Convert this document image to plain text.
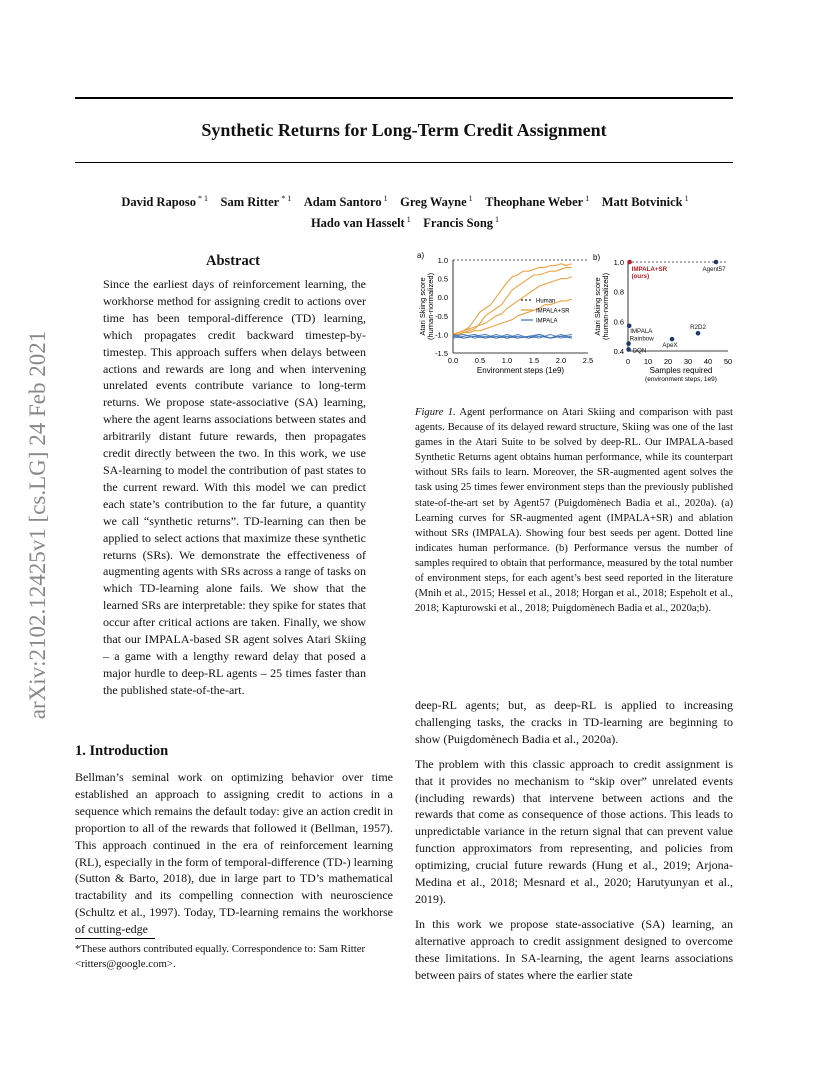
arXiv:2102.12425v1 [cs.LG] 24 Feb 2021
Synthetic Returns for Long-Term Credit Assignment
David Raposo $^{* 1}$  Sam Ritter $^{* 1}$  Adam Santoro $^1$  Greg Wayne $^1$  Theophane Weber $^1$  Matt Botvinick $^1$
Hado van Hasselt $^1$  Francis Song $^1$
Abstract

Since the earliest days of reinforcement learning, the workhorse method for assigning credit to actions over time has been temporal-difference (TD) learning, which propagates credit backward timestep-by-timestep. This approach suffers when delays between actions and rewards are long and when intervening unrelated events contribute variance to long-term returns. We propose state-associative (SA) learning, where the agent learns associations between states and arbitrarily distant future rewards, then propagates credit directly between the two. In this work, we use SA-learning to model the contribution of past states to the current reward. With this model we can predict each state’s contribution to the far future, a quantity we call “synthetic returns”. TD-learning can then be applied to select actions that maximize these synthetic returns (SRs). We demonstrate the effectiveness of augmenting agents with SRs across a range of tasks on which TD-learning alone fails. We show that the learned SRs are interpretable: they spike for states that occur after critical actions are taken. Finally, we show that our IMPALA-based SR agent solves Atari Skiing – a game with a lengthy reward delay that posed a major hurdle to deep-RL agents – 25 times faster than the published state-of-the-art.

1. Introduction

Bellman’s seminal work on optimizing behavior over time established an approach to assigning credit to actions in a sequence which remains the default today: give an action credit in proportion to all of the rewards that followed it (Bellman, 1957). This approach continued in the era of reinforcement learning (RL), especially in the form of temporal-difference (TD-) learning (Sutton & Barto, 2018), due in large part to TD’s mathematical tractability and its compelling connection with neuroscience (Schultz et al., 1997). Today, TD-learning remains the workhorse of cutting-edge

*These authors contributed equally. Correspondence to: Sam Ritter <ritters@google.com>.
a)
1.0
0.5
0.0
-0.5
-1.0
-1.5
0.0 0.5 1.0 1.5 2.0 2.5
Environment steps (1e9)
Atari Skiing score(human-normalized)	Human
IMPALA+SR
IMPALA
b)
1.0
0.8
0.6
0.4
0 10 20 30 40 50
Samples required
(environment steps, 1e9)
Atari Skiing score(human-normalized)
IMPALA+SR
(ours)
Agent57
IMPALA
R2D2
ApeX
Rainbow
DQN
Figure 1. Agent performance on Atari Skiing and comparison with past agents. Because of its delayed reward structure, Skiing was one of the last games in the Atari Suite to be solved by deep-RL. Our IMPALA-based Synthetic Returns agent obtains human performance, while its counterpart without SRs fails to learn. Moreover, the SR-augmented agent solves the task using 25 times fewer environment steps than the previously published state-of-the-art set by Agent57 (Puigdomènech Badia et al., 2020a). (a) Learning curves for SR-augmented agent (IMPALA+SR) and ablation without SRs (IMPALA). Showing four best seeds per agent. Dotted line indicates human performance. (b) Performance versus the number of samples required to obtain that performance, measured by the total number of environment steps, for each agent’s best seed reported in the literature (Mnih et al., 2015; Hessel et al., 2018; Horgan et al., 2018; Espeholt et al., 2018; Kapturowski et al., 2018; Puigdomènech Badia et al., 2020a;b).

deep-RL agents; but, as deep-RL is applied to increasing challenging tasks, the cracks in TD-learning are beginning to show (Puigdomènech Badia et al., 2020a).

The problem with this classic approach to credit assignment is that it provides no mechanism to “skip over” unrelated events (including rewards) that intervene between actions and the rewards that come as consequence of those actions. This leads to unpredictable variance in the return signal that can prevent value function approximators from representing, and policies from optimizing, crucial future rewards (Hung et al., 2019; Arjona-Medina et al., 2018; Mesnard et al., 2020; Harutyunyan et al., 2019).

In this work we propose state-associative (SA) learning, an alternative approach to credit assignment designed to overcome these limitations. In SA-learning, the agent learns associations between pairs of states where the earlier state
